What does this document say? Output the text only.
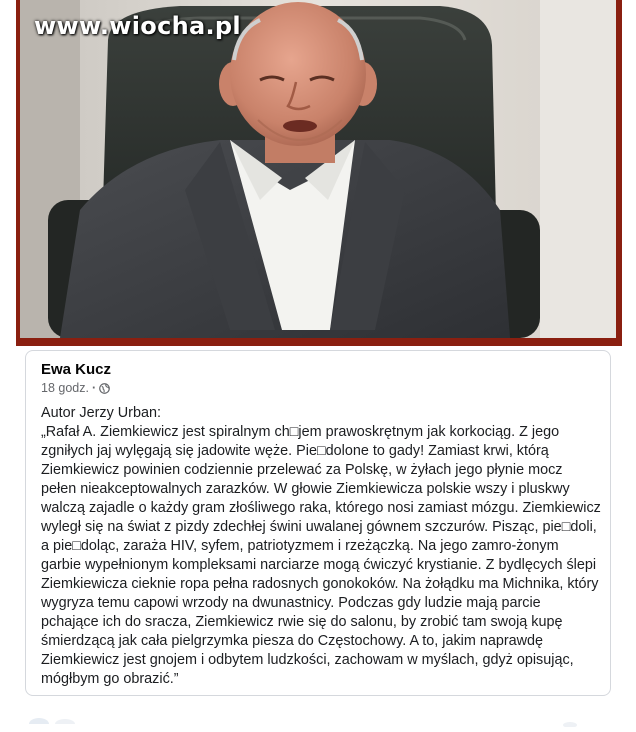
www.wiocha.pl
Ewa Kucz
18 godz. ·

Autor Jerzy Urban:

„Rafał A. Ziemkiewicz jest spiralnym ch□jem prawoskrętnym jak korkociąg. Z jego zgniłych jaj wylęgają się jadowite węże. Pie□dolone to gady! Zamiast krwi, którą Ziemkiewicz powinien codziennie przelewać za Polskę, w żyłach jego płynie mocz pełen nieakceptowalnych zarazków. W głowie Ziemkiewicza polskie wszy i pluskwy walczą zajadle o każdy gram złośliwego raka, którego nosi zamiast mózgu. Ziemkiewicz wyległ się na świat z pizdy zdechłej świni uwalanej gównem szczurów. Pisząc, pie□doli, a pie□doląc, zaraża HIV, syfem, patriotyzmem i rzeżączką. Na jego zamro-żonym garbie wypełnionym kompleksami narciarze mogą ćwiczyć krystianie. Z bydlęcych ślepi Ziemkiewicza cieknie ropa pełna radosnych gonokoków. Na żołądku ma Michnika, który wygryza temu capowi wrzody na dwunastnicy. Podczas gdy ludzie mają parcie pchające ich do sracza, Ziemkiewicz rwie się do salonu, by zrobić tam swoją kupę śmierdzącą jak cała pielgrzymka piesza do Częstochowy. A to, jakim naprawdę Ziemkiewicz jest gnojem i odbytem ludzkości, zachowam w myślach, gdyż opisując, mógłbym go obrazić.”
